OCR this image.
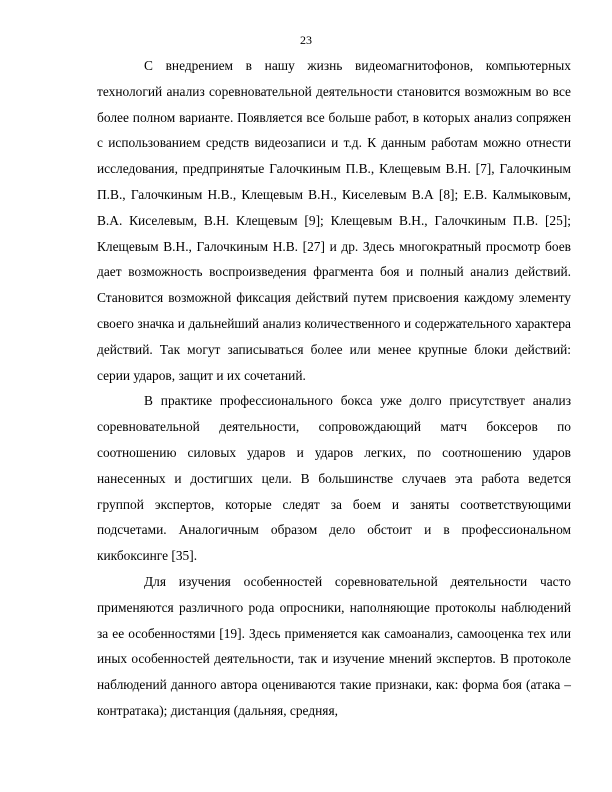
23

С внедрением в нашу жизнь видеомагнитофонов, компьютерных технологий анализ соревновательной деятельности становится возможным во все более полном варианте. Появляется все больше работ, в которых анализ сопряжен с использованием средств видеозаписи и т.д. К данным работам можно отнести исследования, предпринятые Галочкиным П.В., Клещевым В.Н. [7], Галочкиным П.В., Галочкиным Н.В., Клещевым В.Н., Киселевым В.А [8]; Е.В. Калмыковым, В.А. Киселевым, В.Н. Клещевым [9]; Клещевым В.Н., Галочкиным П.В. [25]; Клещевым В.Н., Галочкиным Н.В. [27] и др. Здесь многократный просмотр боев дает возможность воспроизведения фрагмента боя и полный анализ действий. Становится возможной фиксация действий путем присвоения каждому элементу своего значка и дальнейший анализ количественного и содержательного характера действий. Так могут записываться более или менее крупные блоки действий: серии ударов, защит и их сочетаний.

В практике профессионального бокса уже долго присутствует анализ соревновательной деятельности, сопровождающий матч боксеров по соотношению силовых ударов и ударов легких, по соотношению ударов нанесенных и достигших цели. В большинстве случаев эта работа ведется группой экспертов, которые следят за боем и заняты соответствующими подсчетами. Аналогичным образом дело обстоит и в профессиональном кикбоксинге [35].

Для изучения особенностей соревновательной деятельности часто применяются различного рода опросники, наполняющие протоколы наблюдений за ее особенностями [19]. Здесь применяется как самоанализ, самооценка тех или иных особенностей деятельности, так и изучение мнений экспертов. В протоколе наблюдений данного автора оцениваются такие признаки, как: форма боя (атака – контратака); дистанция (дальняя, средняя,
